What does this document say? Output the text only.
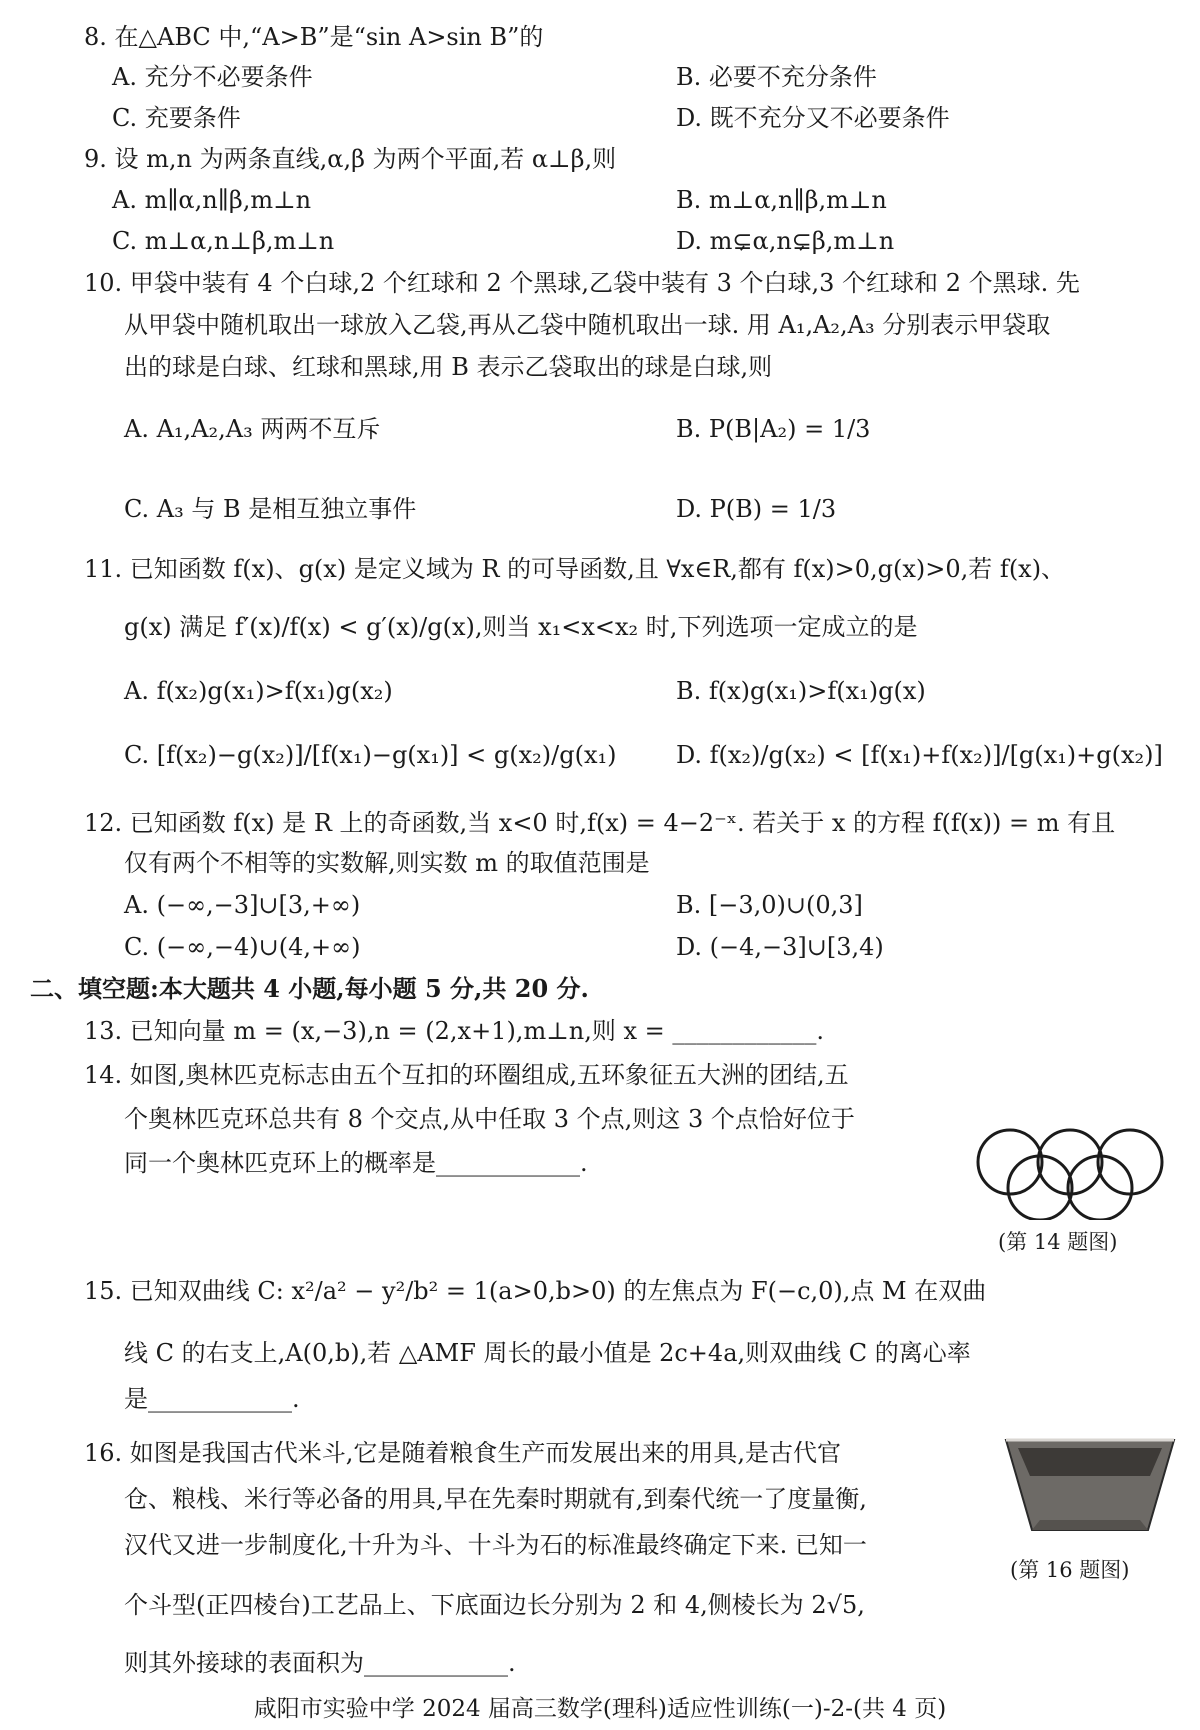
8. 在△ABC 中,“A>B”是“sin A>sin B”的
A. 充分不必要条件	B. 必要不充分条件
C. 充要条件	D. 既不充分又不必要条件
9. 设 m,n 为两条直线,α,β 为两个平面,若 α⊥β,则
A. m∥α,n∥β,m⊥n	B. m⊥α,n∥β,m⊥n
C. m⊥α,n⊥β,m⊥n	D. m⊊α,n⊊β,m⊥n
10. 甲袋中装有 4 个白球,2 个红球和 2 个黑球,乙袋中装有 3 个白球,3 个红球和 2 个黑球. 先
从甲袋中随机取出一球放入乙袋,再从乙袋中随机取出一球. 用 A₁,A₂,A₃ 分别表示甲袋取
出的球是白球、红球和黑球,用 B 表示乙袋取出的球是白球,则
A. A₁,A₂,A₃ 两两不互斥	B. P(B|A₂) = 1/3
C. A₃ 与 B 是相互独立事件	D. P(B) = 1/3
11. 已知函数 f(x)、g(x) 是定义域为 R 的可导函数,且 ∀x∈R,都有 f(x)>0,g(x)>0,若 f(x)、
g(x) 满足 f′(x)/f(x) < g′(x)/g(x),则当 x₁<x<x₂ 时,下列选项一定成立的是
A. f(x₂)g(x₁)>f(x₁)g(x₂)	B. f(x)g(x₁)>f(x₁)g(x)
C. [f(x₂)−g(x₂)]/[f(x₁)−g(x₁)] < g(x₂)/g(x₁) D. f(x₂)/g(x₂) < [f(x₁)+f(x₂)]/[g(x₁)+g(x₂)]
12. 已知函数 f(x) 是 R 上的奇函数,当 x<0 时,f(x) = 4−2⁻ˣ. 若关于 x 的方程 f(f(x)) = m 有且
仅有两个不相等的实数解,则实数 m 的取值范围是
A. (−∞,−3]∪[3,+∞)	B. [−3,0)∪(0,3]
C. (−∞,−4)∪(4,+∞)	D. (−4,−3]∪[3,4)
二、填空题:本大题共 4 小题,每小题 5 分,共 20 分.
13. 已知向量 m = (x,−3),n = (2,x+1),m⊥n,则 x = ____________.
14. 如图,奥林匹克标志由五个互扣的环圈组成,五环象征五大洲的团结,五
个奥林匹克环总共有 8 个交点,从中任取 3 个点,则这 3 个点恰好位于
同一个奥林匹克环上的概率是____________.
(第 14 题图)
15. 已知双曲线 C: x²/a² − y²/b² = 1(a>0,b>0) 的左焦点为 F(−c,0),点 M 在双曲
线 C 的右支上,A(0,b),若 △AMF 周长的最小值是 2c+4a,则双曲线 C 的离心率
是____________.
16. 如图是我国古代米斗,它是随着粮食生产而发展出来的用具,是古代官
仓、粮栈、米行等必备的用具,早在先秦时期就有,到秦代统一了度量衡,
汉代又进一步制度化,十升为斗、十斗为石的标准最终确定下来. 已知一
个斗型(正四棱台)工艺品上、下底面边长分别为 2 和 4,侧棱长为 2√5,
则其外接球的表面积为____________.
(第 16 题图)
咸阳市实验中学 2024 届高三数学(理科)适应性训练(一)-2-(共 4 页)
